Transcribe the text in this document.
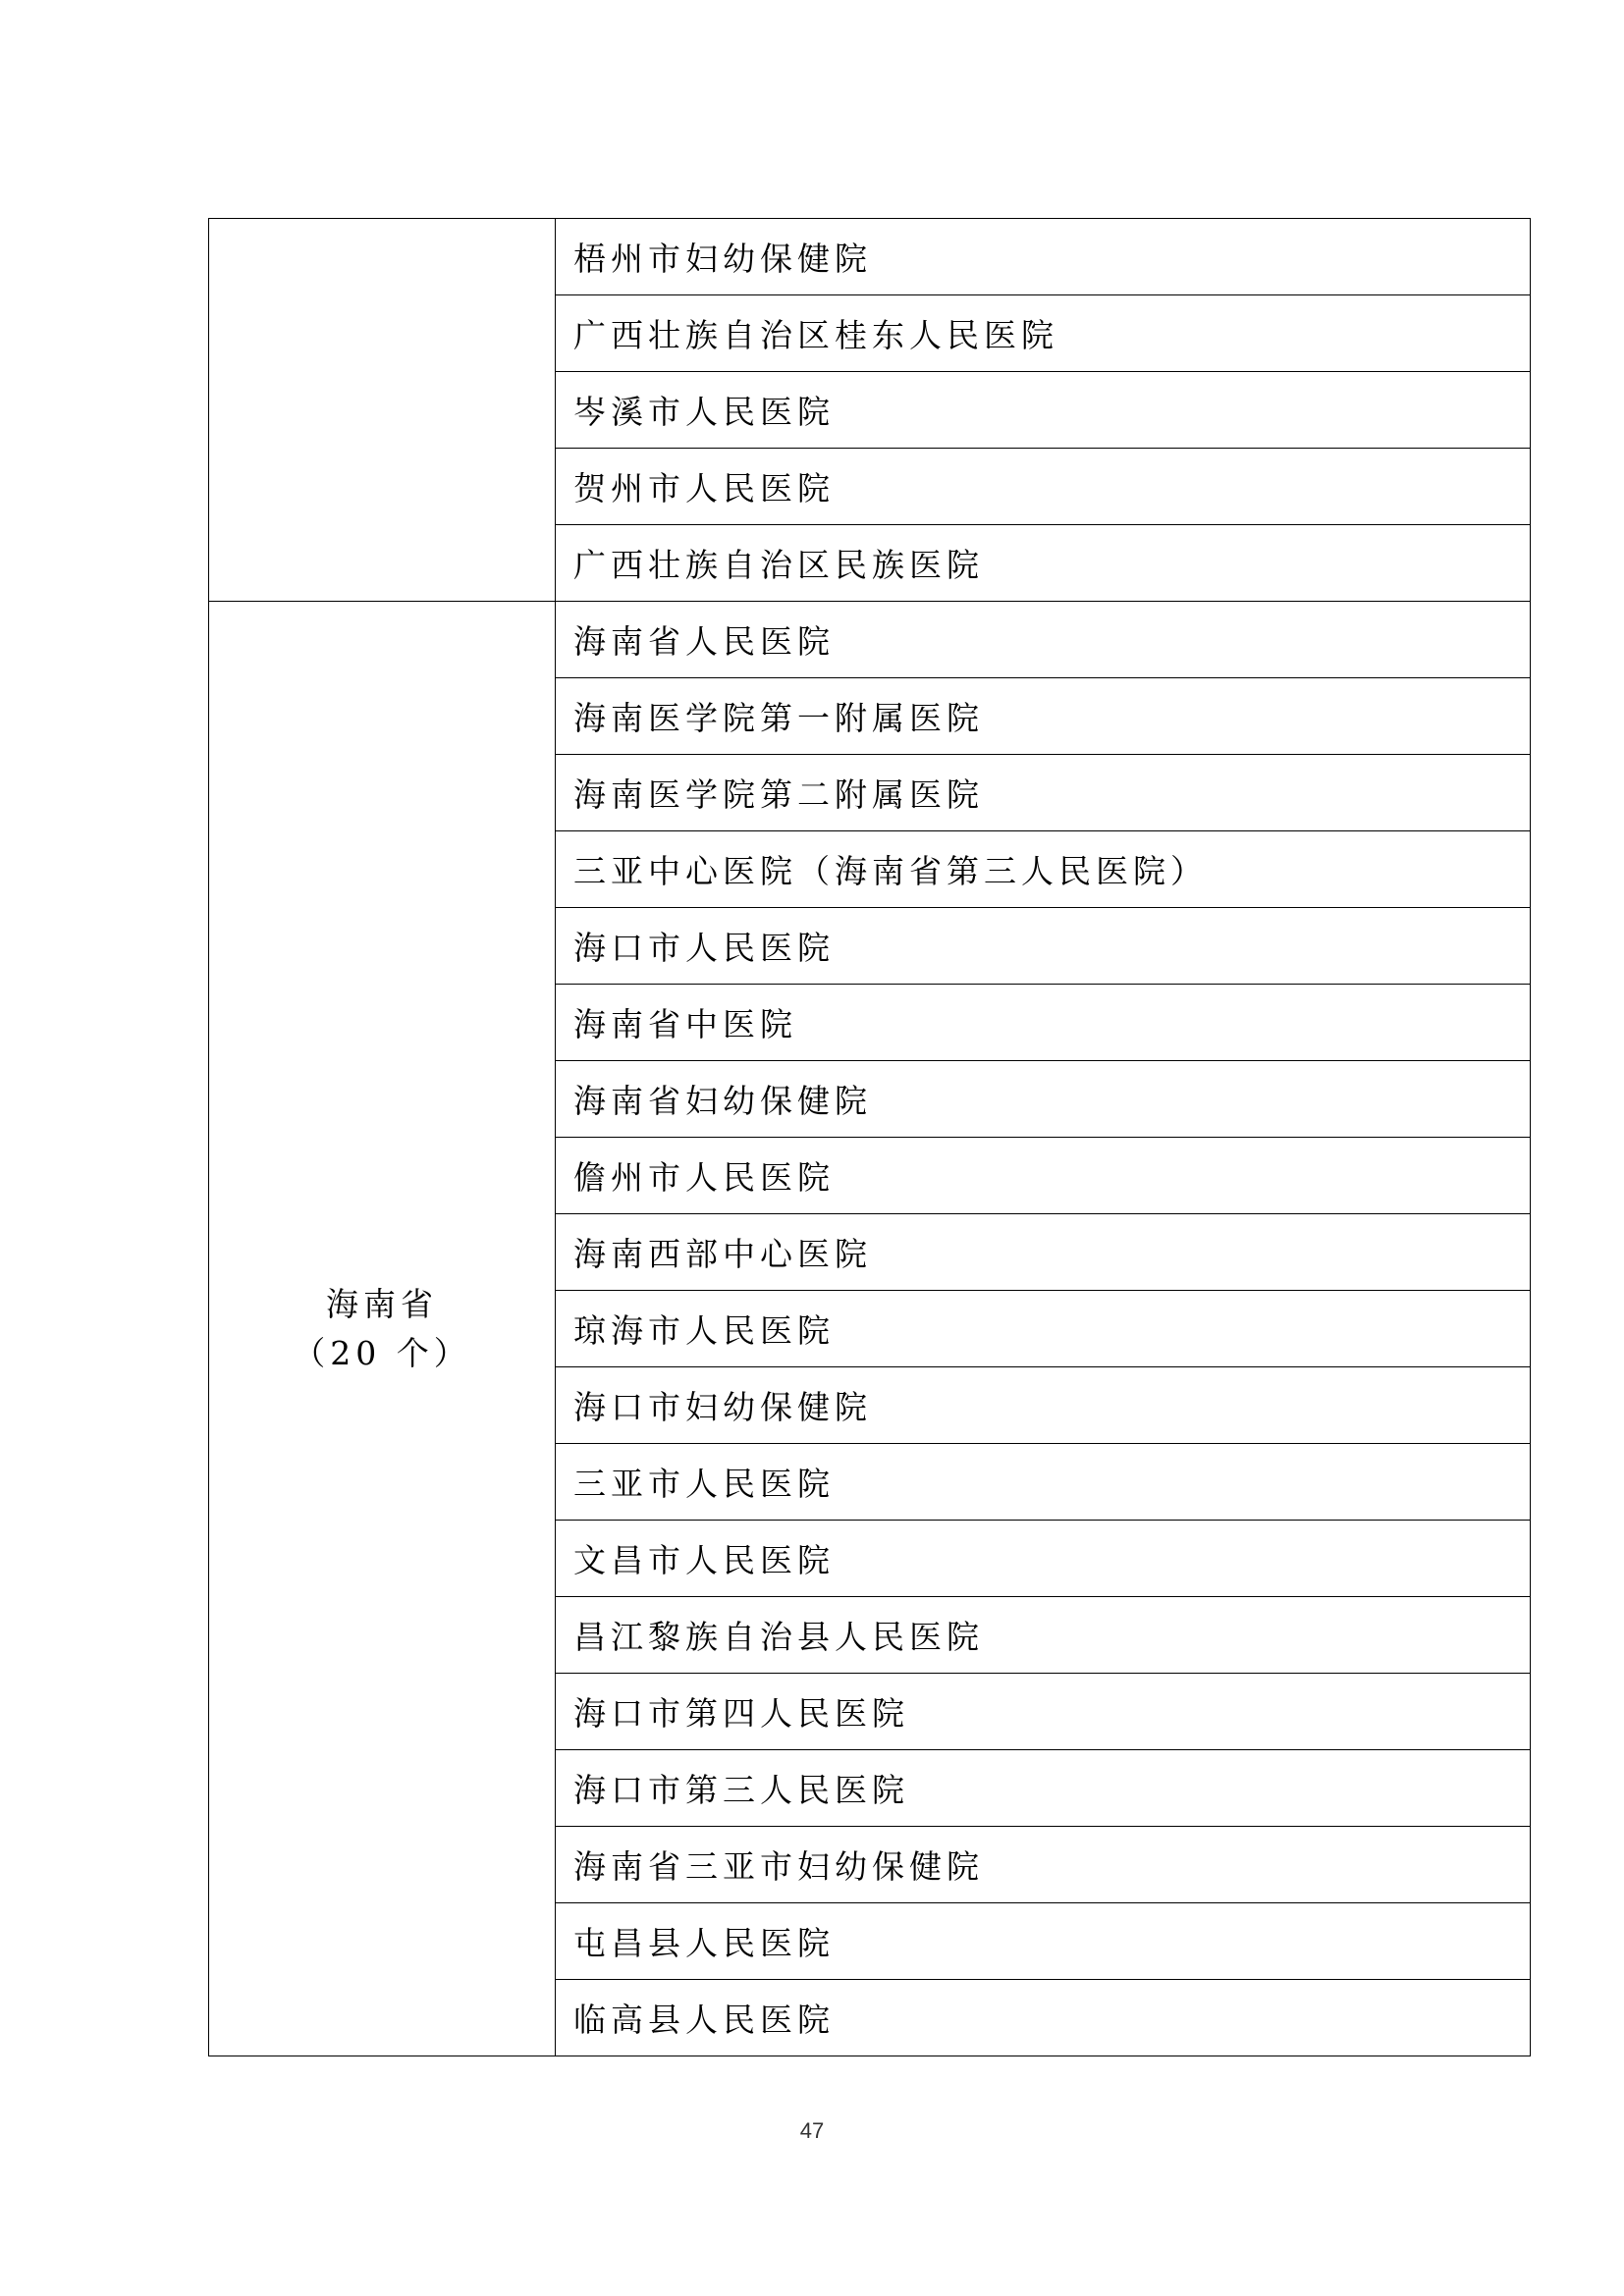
	梧州市妇幼保健院
	广西壮族自治区桂东人民医院
	岑溪市人民医院
	贺州市人民医院
	广西壮族自治区民族医院

海南省
（20 个）	海南省人民医院
	海南医学院第一附属医院
	海南医学院第二附属医院
	三亚中心医院（海南省第三人民医院）
	海口市人民医院
	海南省中医院
	海南省妇幼保健院
	儋州市人民医院
	海南西部中心医院
	琼海市人民医院
	海口市妇幼保健院
	三亚市人民医院
	文昌市人民医院
	昌江黎族自治县人民医院
	海口市第四人民医院
	海口市第三人民医院
	海南省三亚市妇幼保健院
	屯昌县人民医院
	临高县人民医院
47
